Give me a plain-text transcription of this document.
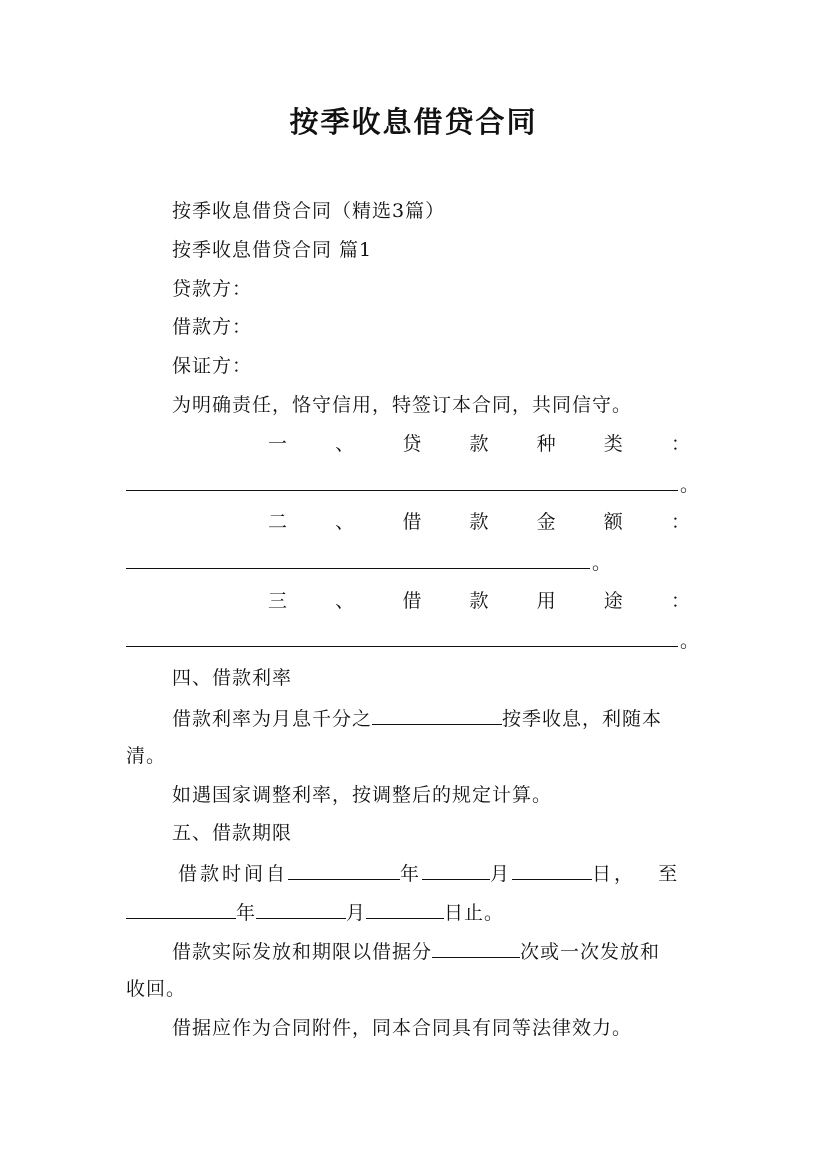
按季收息借贷合同
按季收息借贷合同（精选3篇）
按季收息借贷合同 篇1
贷款方：
借款方：
保证方：
为明确责任，恪守信用，特签订本合同，共同信守。
一	、	贷	款	种	类	：
。
二	、	借	款	金	额	：
。
三	、	借	款	用	途	：
。
四、借款利率
借款利率为月息千分之	按季收息，利随本
清。
如遇国家调整利率，按调整后的规定计算。
五、借款期限
借款时间自	年	月	日， 至
年	月	日止。
借款实际发放和期限以借据分	次或一次发放和
收回。
借据应作为合同附件，同本合同具有同等法律效力。
